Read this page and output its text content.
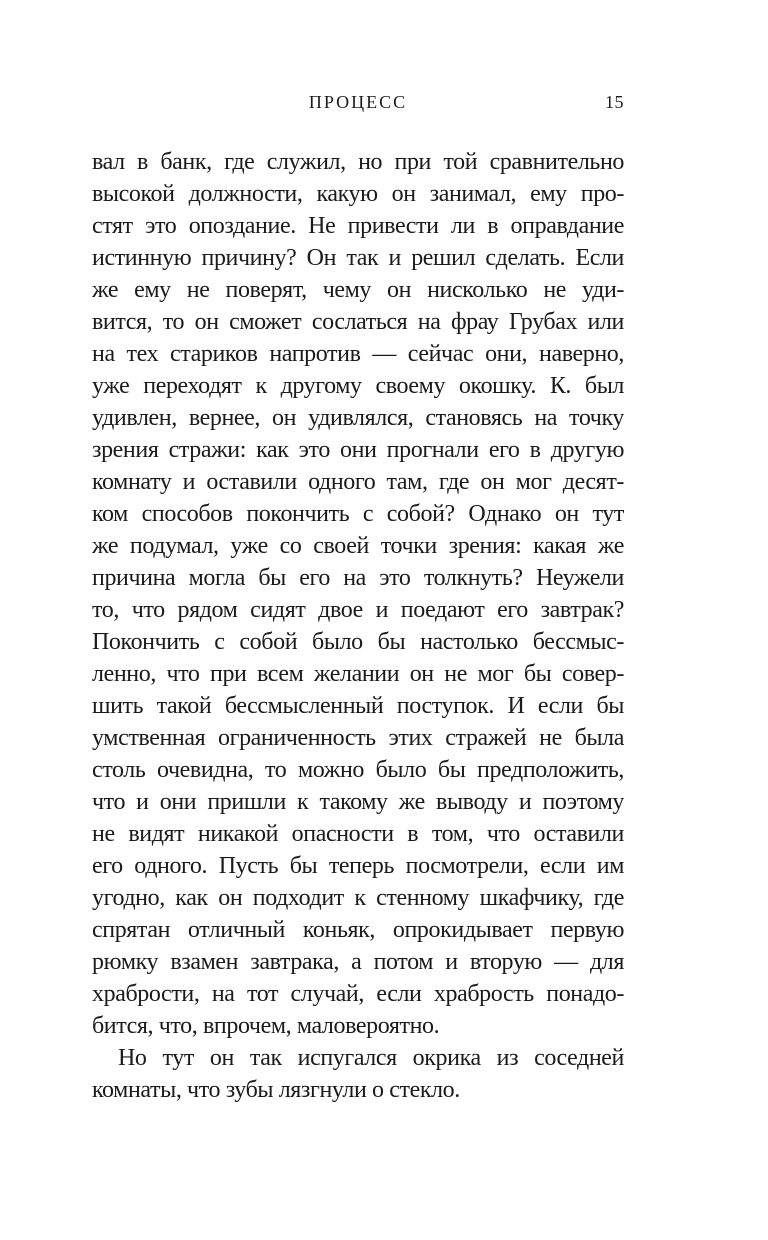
ПРОЦЕСС	15
вал в банк, где служил, но при той сравнительно
высокой должности, какую он занимал, ему про-
стят это опоздание. Не привести ли в оправдание
истинную причину? Он так и решил сделать. Если
же ему не поверят, чему он нисколько не уди-
вится, то он сможет сослаться на фрау Грубах или
на тех стариков напротив — сейчас они, наверно,
уже переходят к другому своему окошку. К. был
удивлен, вернее, он удивлялся, становясь на точку
зрения стражи: как это они прогнали его в другую
комнату и оставили одного там, где он мог десят-
ком способов покончить с собой? Однако он тут
же подумал, уже со своей точки зрения: какая же
причина могла бы его на это толкнуть? Неужели
то, что рядом сидят двое и поедают его завтрак?
Покончить с собой было бы настолько бессмыс-
ленно, что при всем желании он не мог бы совер-
шить такой бессмысленный поступок. И если бы
умственная ограниченность этих стражей не была
столь очевидна, то можно было бы предположить,
что и они пришли к такому же выводу и поэтому
не видят никакой опасности в том, что оставили
его одного. Пусть бы теперь посмотрели, если им
угодно, как он подходит к стенному шкафчику, где
спрятан отличный коньяк, опрокидывает первую
рюмку взамен завтрака, а потом и вторую — для
храбрости, на тот случай, если храбрость понадо-
бится, что, впрочем, маловероятно.
Но тут он так испугался окрика из соседней
комнаты, что зубы лязгнули о стекло.
